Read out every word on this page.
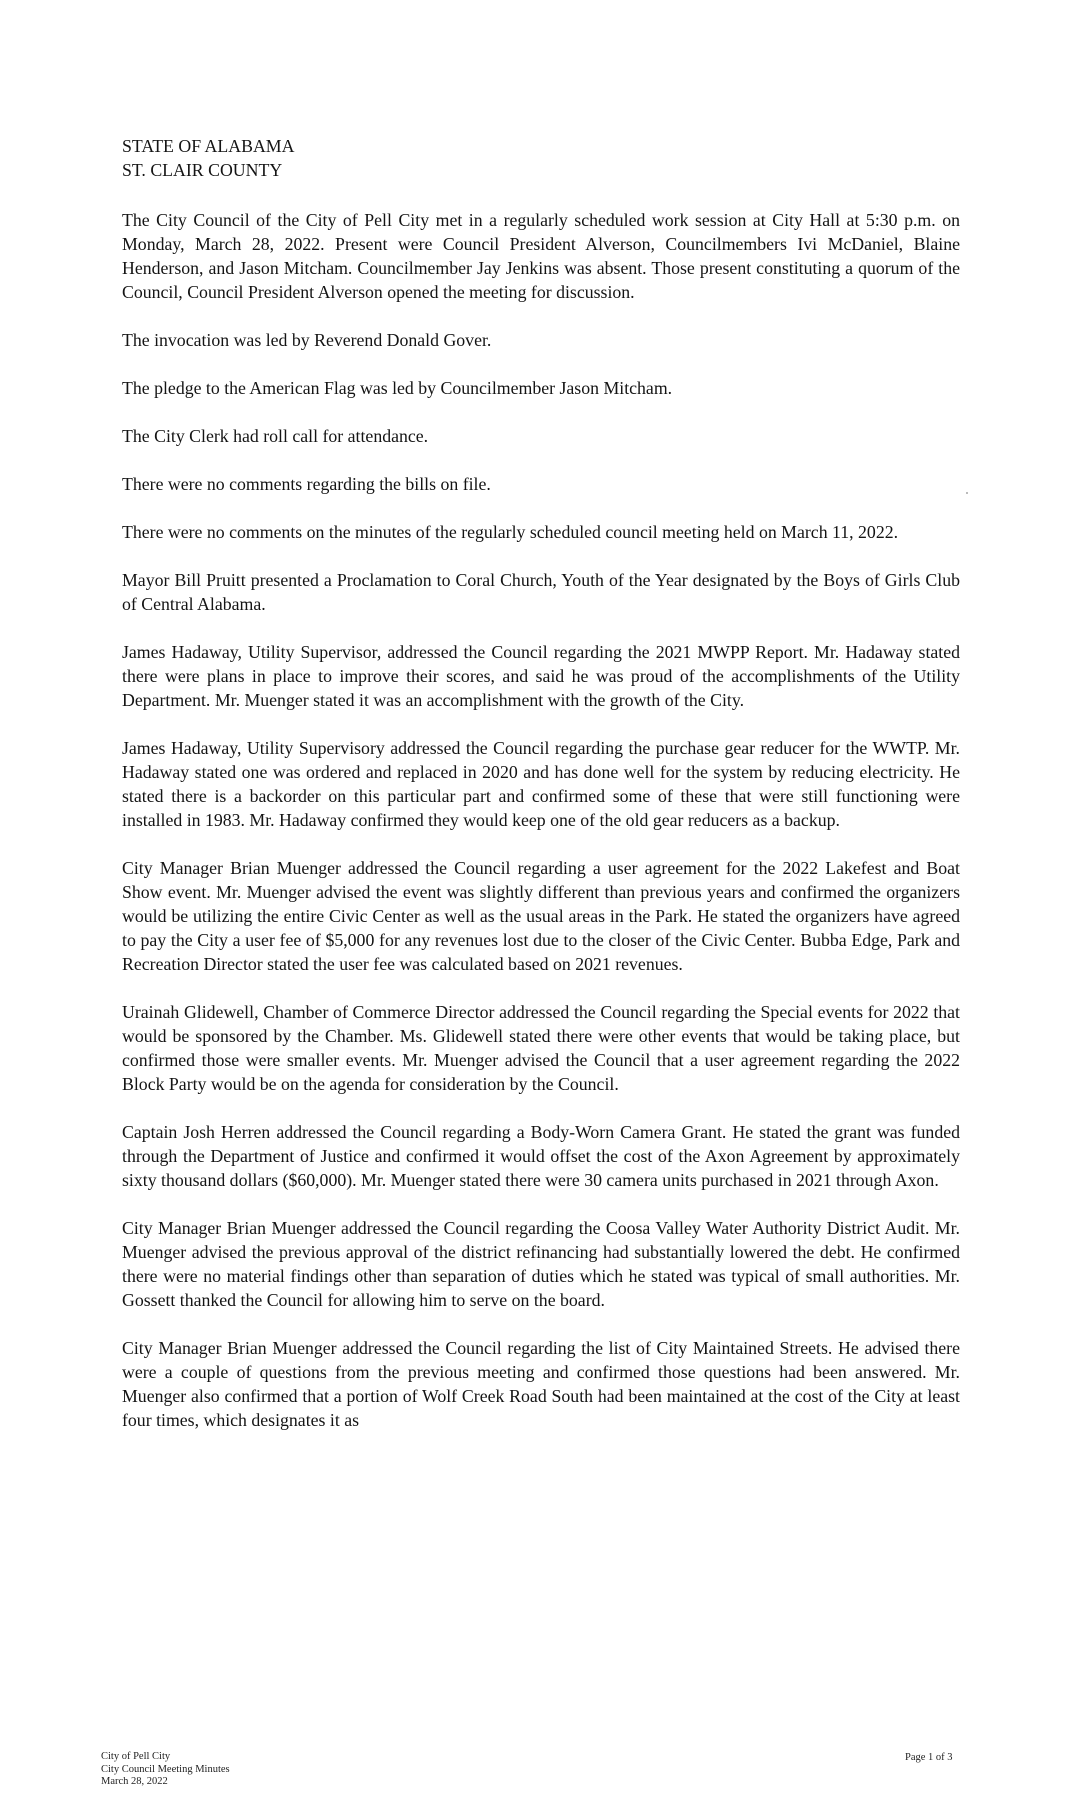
STATE OF ALABAMA

ST. CLAIR COUNTY

The City Council of the City of Pell City met in a regularly scheduled work session at City Hall at 5:30 p.m. on Monday, March 28, 2022. Present were Council President Alverson, Councilmembers Ivi McDaniel, Blaine Henderson, and Jason Mitcham. Councilmember Jay Jenkins was absent. Those present constituting a quorum of the Council, Council President Alverson opened the meeting for discussion.

The invocation was led by Reverend Donald Gover.

The pledge to the American Flag was led by Councilmember Jason Mitcham.

The City Clerk had roll call for attendance.

There were no comments regarding the bills on file.

There were no comments on the minutes of the regularly scheduled council meeting held on March 11, 2022.

Mayor Bill Pruitt presented a Proclamation to Coral Church, Youth of the Year designated by the Boys of Girls Club of Central Alabama.

James Hadaway, Utility Supervisor, addressed the Council regarding the 2021 MWPP Report. Mr. Hadaway stated there were plans in place to improve their scores, and said he was proud of the accomplishments of the Utility Department. Mr. Muenger stated it was an accomplishment with the growth of the City.

James Hadaway, Utility Supervisory addressed the Council regarding the purchase gear reducer for the WWTP. Mr. Hadaway stated one was ordered and replaced in 2020 and has done well for the system by reducing electricity. He stated there is a backorder on this particular part and confirmed some of these that were still functioning were installed in 1983. Mr. Hadaway confirmed they would keep one of the old gear reducers as a backup.

City Manager Brian Muenger addressed the Council regarding a user agreement for the 2022 Lakefest and Boat Show event. Mr. Muenger advised the event was slightly different than previous years and confirmed the organizers would be utilizing the entire Civic Center as well as the usual areas in the Park. He stated the organizers have agreed to pay the City a user fee of $5,000 for any revenues lost due to the closer of the Civic Center. Bubba Edge, Park and Recreation Director stated the user fee was calculated based on 2021 revenues.

Urainah Glidewell, Chamber of Commerce Director addressed the Council regarding the Special events for 2022 that would be sponsored by the Chamber. Ms. Glidewell stated there were other events that would be taking place, but confirmed those were smaller events. Mr. Muenger advised the Council that a user agreement regarding the 2022 Block Party would be on the agenda for consideration by the Council.

Captain Josh Herren addressed the Council regarding a Body-Worn Camera Grant. He stated the grant was funded through the Department of Justice and confirmed it would offset the cost of the Axon Agreement by approximately sixty thousand dollars ($60,000). Mr. Muenger stated there were 30 camera units purchased in 2021 through Axon.

City Manager Brian Muenger addressed the Council regarding the Coosa Valley Water Authority District Audit. Mr. Muenger advised the previous approval of the district refinancing had substantially lowered the debt. He confirmed there were no material findings other than separation of duties which he stated was typical of small authorities. Mr. Gossett thanked the Council for allowing him to serve on the board.

City Manager Brian Muenger addressed the Council regarding the list of City Maintained Streets. He advised there were a couple of questions from the previous meeting and confirmed those questions had been answered. Mr. Muenger also confirmed that a portion of Wolf Creek Road South had been maintained at the cost of the City at least four times, which designates it as

City of Pell City
City Council Meeting Minutes
March 28, 2022
Page 1 of 3
